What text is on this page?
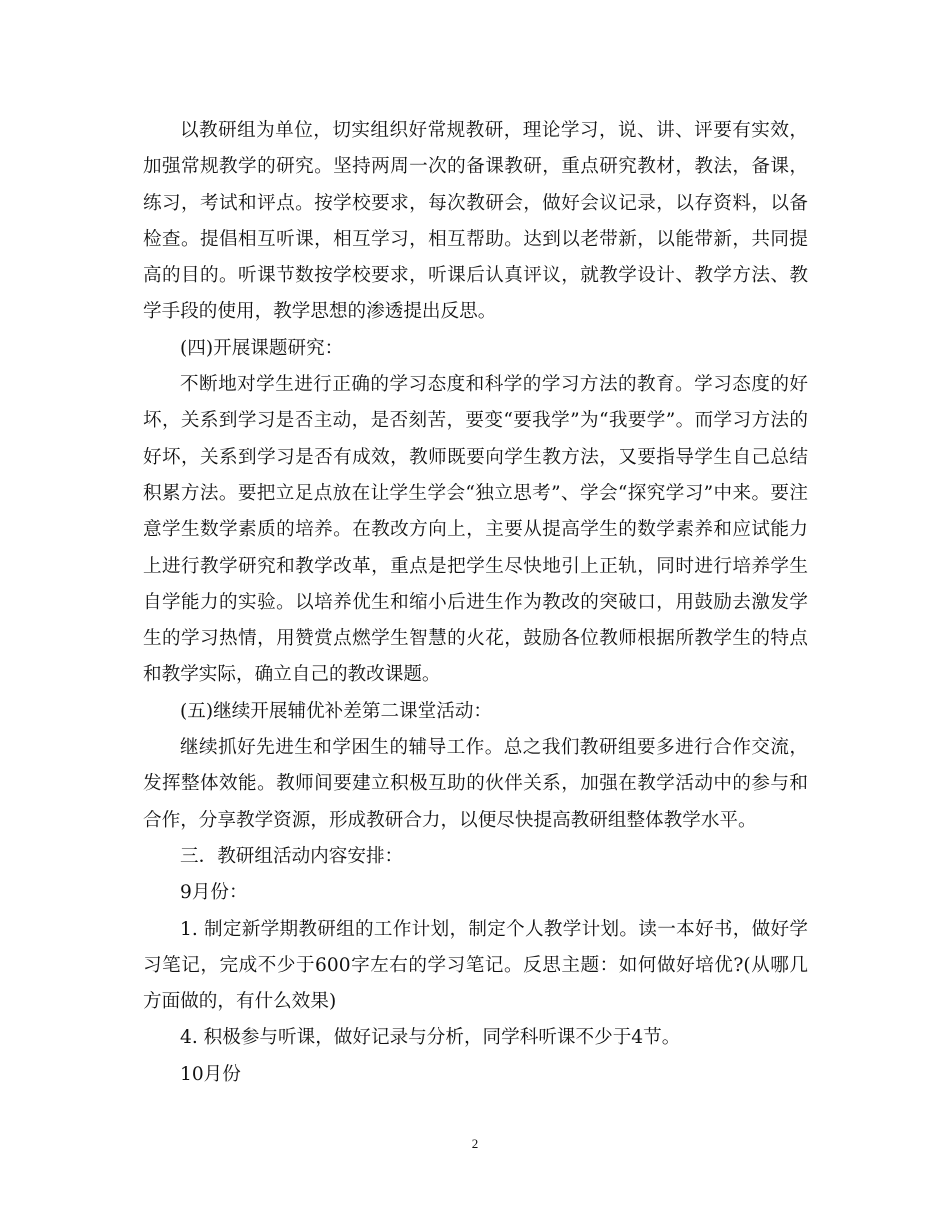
以教研组为单位，切实组织好常规教研，理论学习，说、讲、评要有实效，加强常规教学的研究。坚持两周一次的备课教研，重点研究教材，教法，备课，练习，考试和评点。按学校要求，每次教研会，做好会议记录，以存资料，以备检查。提倡相互听课，相互学习，相互帮助。达到以老带新，以能带新，共同提高的目的。听课节数按学校要求，听课后认真评议，就教学设计、教学方法、教学手段的使用，教学思想的渗透提出反思。

(四)开展课题研究：

不断地对学生进行正确的学习态度和科学的学习方法的教育。学习态度的好坏，关系到学习是否主动，是否刻苦，要变“要我学”为“我要学”。而学习方法的好坏，关系到学习是否有成效，教师既要向学生教方法，又要指导学生自己总结积累方法。要把立足点放在让学生学会“独立思考”、学会“探究学习”中来。要注意学生数学素质的培养。在教改方向上，主要从提高学生的数学素养和应试能力上进行教学研究和教学改革，重点是把学生尽快地引上正轨，同时进行培养学生自学能力的实验。以培养优生和缩小后进生作为教改的突破口，用鼓励去激发学生的学习热情，用赞赏点燃学生智慧的火花，鼓励各位教师根据所教学生的特点和教学实际，确立自己的教改课题。

(五)继续开展辅优补差第二课堂活动：

继续抓好先进生和学困生的辅导工作。总之我们教研组要多进行合作交流，发挥整体效能。教师间要建立积极互助的伙伴关系，加强在教学活动中的参与和合作，分享教学资源，形成教研合力，以便尽快提高教研组整体教学水平。

三．教研组活动内容安排：

9月份：

1. 制定新学期教研组的工作计划，制定个人教学计划。读一本好书，做好学习笔记，完成不少于600字左右的学习笔记。反思主题：如何做好培优?(从哪几方面做的，有什么效果)

4. 积极参与听课，做好记录与分析，同学科听课不少于4节。

10月份

2
